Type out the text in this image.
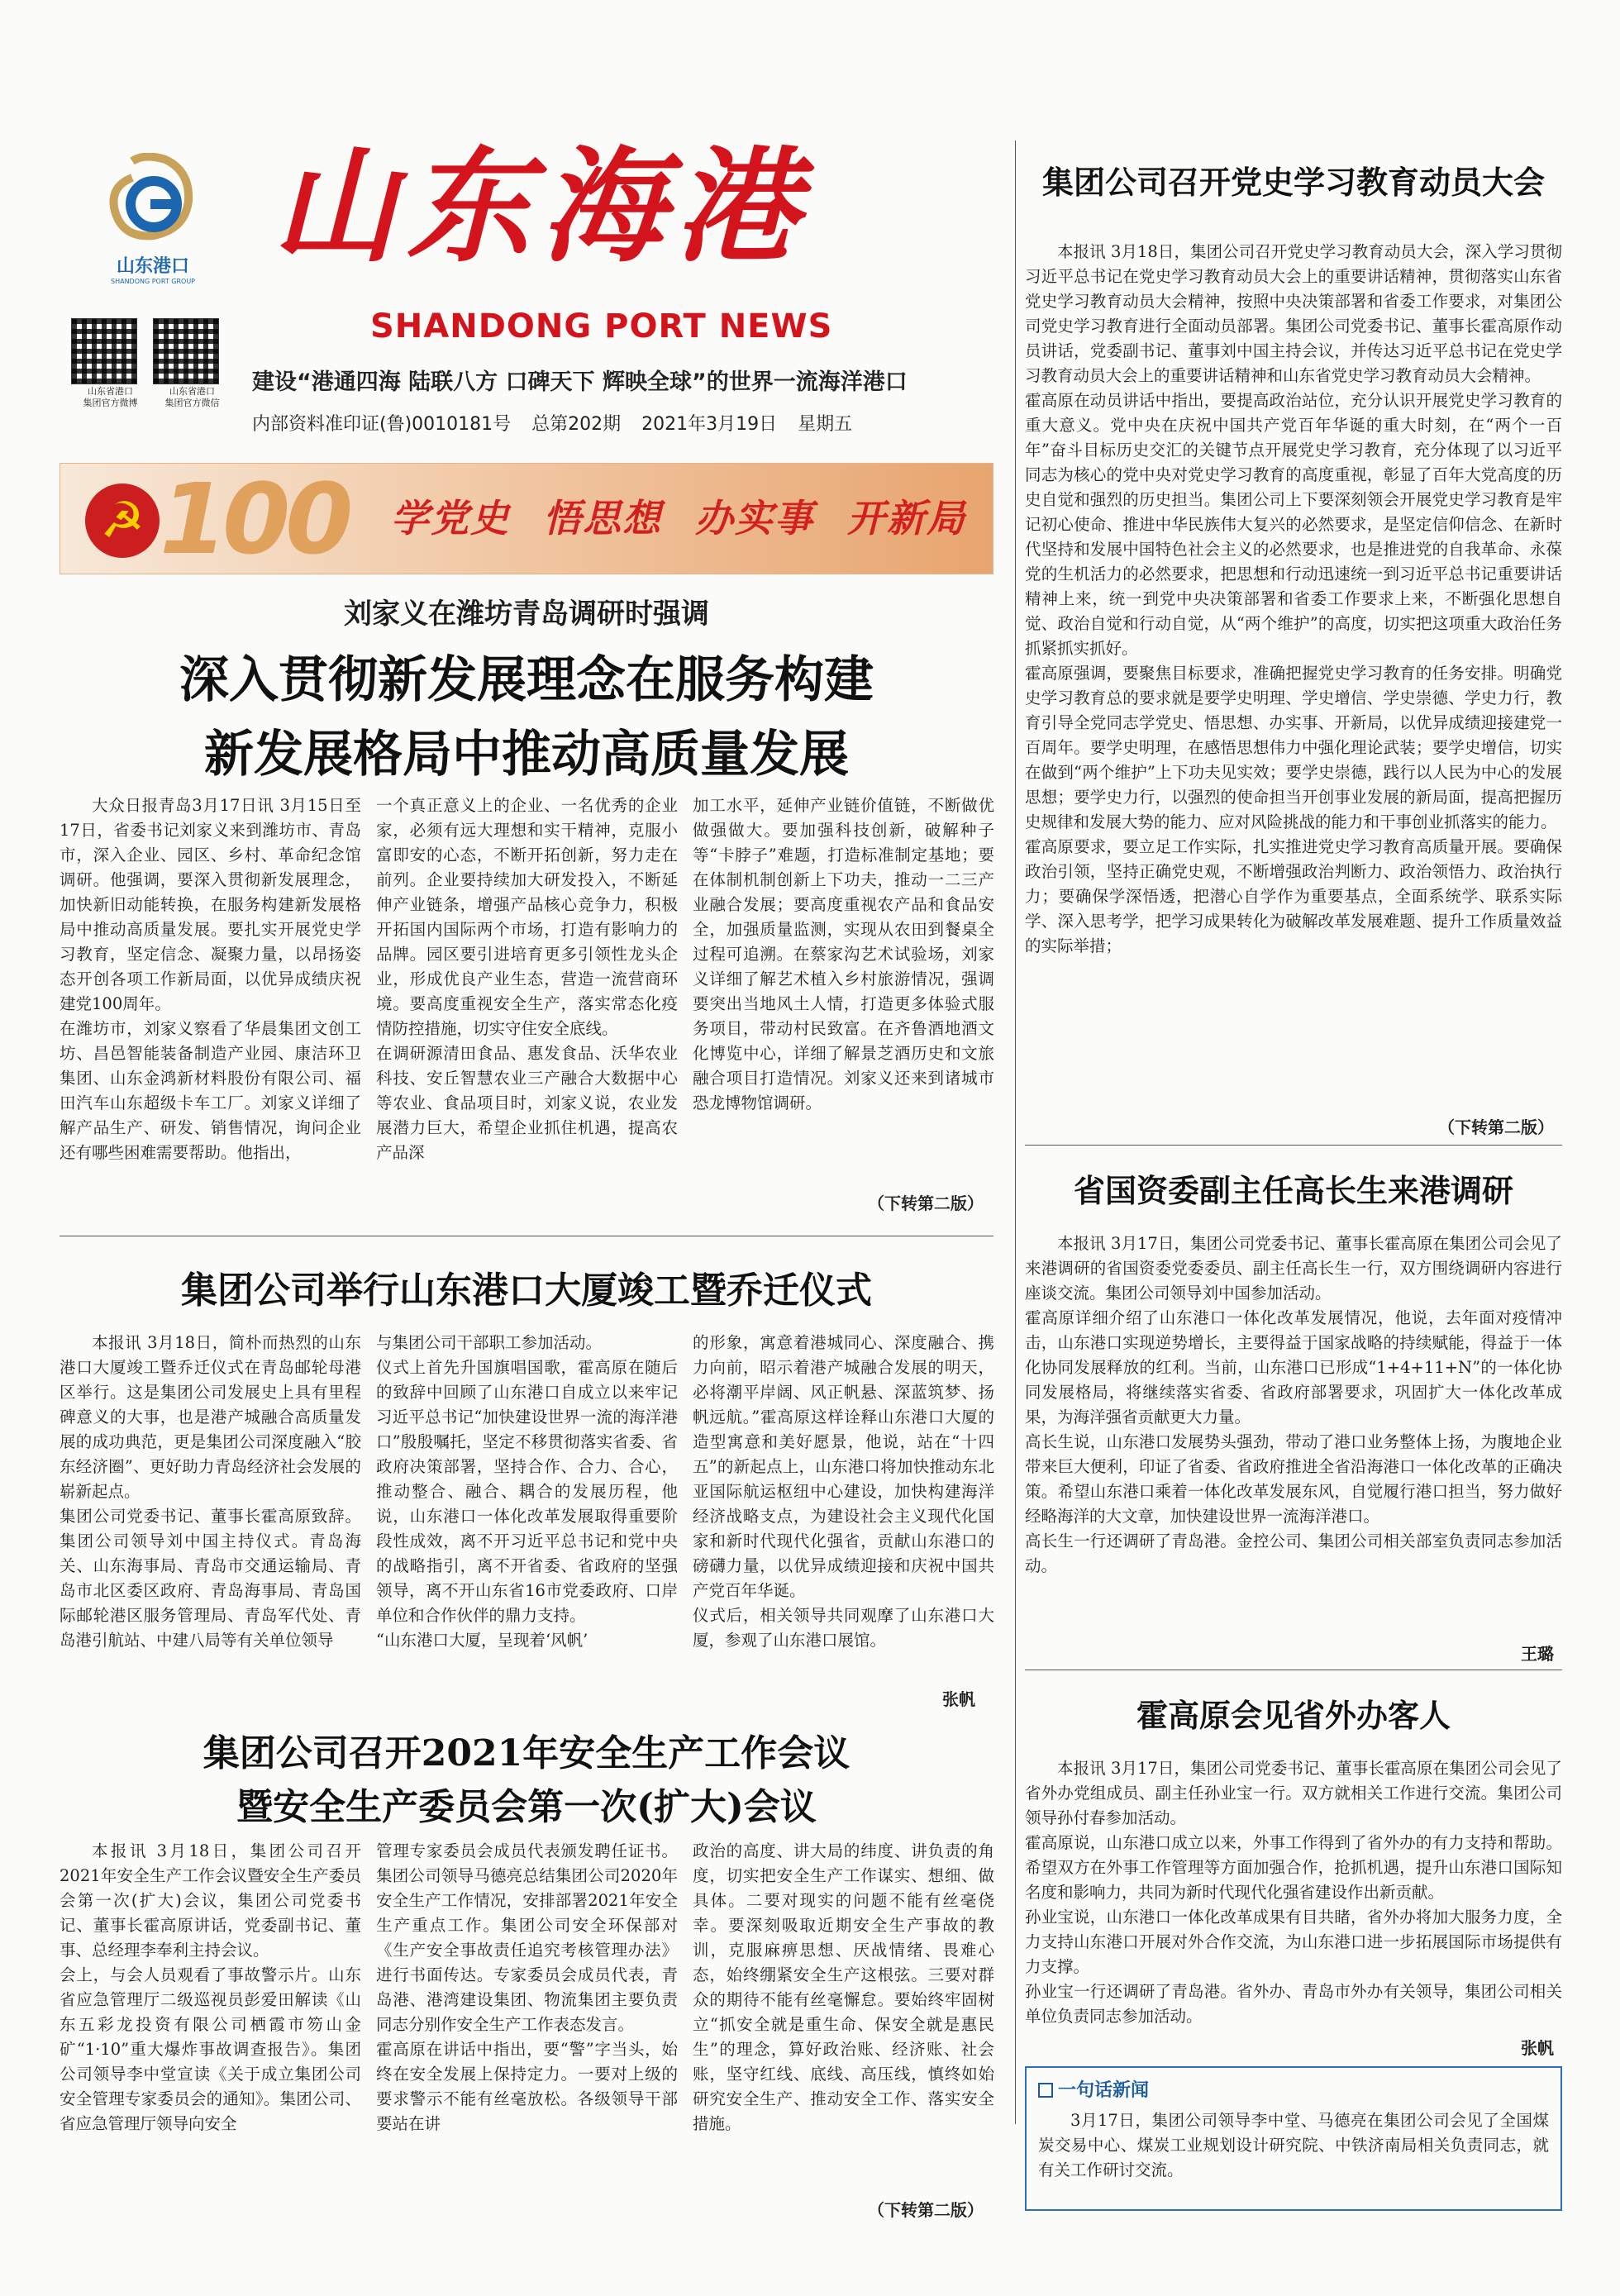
山东港口
SHANDONG PORT GROUP
山东省港口
集团官方微博
山东省港口
集团官方微信
山东海港
SHANDONG PORT NEWS
建设“港通四海 陆联八方 口碑天下 辉映全球”的世界一流海洋港口
内部资料准印证(鲁)0010181号 总第202期 2021年3月19日 星期五
☭ 100 学党史 悟思想 办实事 开新局
刘家义在潍坊青岛调研时强调
深入贯彻新发展理念在服务构建
新发展格局中推动高质量发展
大众日报青岛3月17日讯 3月15日至17日，省委书记刘家义来到潍坊市、青岛市，深入企业、园区、乡村、革命纪念馆调研。他强调，要深入贯彻新发展理念，加快新旧动能转换，在服务构建新发展格局中推动高质量发展。要扎实开展党史学习教育，坚定信念、凝聚力量，以昂扬姿态开创各项工作新局面，以优异成绩庆祝建党100周年。
在潍坊市，刘家义察看了华晨集团文创工坊、昌邑智能装备制造产业园、康洁环卫集团、山东金鸿新材料股份有限公司、福田汽车山东超级卡车工厂。刘家义详细了解产品生产、研发、销售情况，询问企业还有哪些困难需要帮助。他指出，
一个真正意义上的企业、一名优秀的企业家，必须有远大理想和实干精神，克服小富即安的心态，不断开拓创新，努力走在前列。企业要持续加大研发投入，不断延伸产业链条，增强产品核心竞争力，积极开拓国内国际两个市场，打造有影响力的品牌。园区要引进培育更多引领性龙头企业，形成优良产业生态，营造一流营商环境。要高度重视安全生产，落实常态化疫情防控措施，切实守住安全底线。
在调研源清田食品、惠发食品、沃华农业科技、安丘智慧农业三产融合大数据中心等农业、食品项目时，刘家义说，农业发展潜力巨大，希望企业抓住机遇，提高农产品深
加工水平，延伸产业链价值链，不断做优做强做大。要加强科技创新，破解种子等“卡脖子”难题，打造标准制定基地；要在体制机制创新上下功夫，推动一二三产业融合发展；要高度重视农产品和食品安全，加强质量监测，实现从农田到餐桌全过程可追溯。在蔡家沟艺术试验场，刘家义详细了解艺术植入乡村旅游情况，强调要突出当地风土人情，打造更多体验式服务项目，带动村民致富。在齐鲁酒地酒文化博览中心，详细了解景芝酒历史和文旅融合项目打造情况。刘家义还来到诸城市恐龙博物馆调研。
（下转第二版）
集团公司举行山东港口大厦竣工暨乔迁仪式
本报讯 3月18日，简朴而热烈的山东港口大厦竣工暨乔迁仪式在青岛邮轮母港区举行。这是集团公司发展史上具有里程碑意义的大事，也是港产城融合高质量发展的成功典范，更是集团公司深度融入“胶东经济圈”、更好助力青岛经济社会发展的崭新起点。
集团公司党委书记、董事长霍高原致辞。集团公司领导刘中国主持仪式。青岛海关、山东海事局、青岛市交通运输局、青岛市北区委区政府、青岛海事局、青岛国际邮轮港区服务管理局、青岛军代处、青岛港引航站、中建八局等有关单位领导
与集团公司干部职工参加活动。
仪式上首先升国旗唱国歌，霍高原在随后的致辞中回顾了山东港口自成立以来牢记习近平总书记“加快建设世界一流的海洋港口”殷殷嘱托，坚定不移贯彻落实省委、省政府决策部署，坚持合作、合力、合心，推动整合、融合、耦合的发展历程，他说，山东港口一体化改革发展取得重要阶段性成效，离不开习近平总书记和党中央的战略指引，离不开省委、省政府的坚强领导，离不开山东省16市党委政府、口岸单位和合作伙伴的鼎力支持。
“山东港口大厦，呈现着‘风帆’
的形象，寓意着港城同心、深度融合、携力向前，昭示着港产城融合发展的明天，必将潮平岸阔、风正帆悬、深蓝筑梦、扬帆远航。”霍高原这样诠释山东港口大厦的造型寓意和美好愿景，他说，站在“十四五”的新起点上，山东港口将加快推动东北亚国际航运枢纽中心建设，加快构建海洋经济战略支点，为建设社会主义现代化国家和新时代现代化强省，贡献山东港口的磅礴力量，以优异成绩迎接和庆祝中国共产党百年华诞。
仪式后，相关领导共同观摩了山东港口大厦，参观了山东港口展馆。
张帆
集团公司召开2021年安全生产工作会议
暨安全生产委员会第一次(扩大)会议
本报讯 3月18日，集团公司召开2021年安全生产工作会议暨安全生产委员会第一次(扩大)会议，集团公司党委书记、董事长霍高原讲话，党委副书记、董事、总经理李奉利主持会议。
会上，与会人员观看了事故警示片。山东省应急管理厅二级巡视员彭爱田解读《山东五彩龙投资有限公司栖霞市笏山金矿“1·10”重大爆炸事故调查报告》。集团公司领导李中堂宣读《关于成立集团公司安全管理专家委员会的通知》。集团公司、省应急管理厅领导向安全
管理专家委员会成员代表颁发聘任证书。集团公司领导马德亮总结集团公司2020年安全生产工作情况，安排部署2021年安全生产重点工作。集团公司安全环保部对《生产安全事故责任追究考核管理办法》进行书面传达。专家委员会成员代表，青岛港、港湾建设集团、物流集团主要负责同志分别作安全生产工作表态发言。
霍高原在讲话中指出，要“警”字当头，始终在安全发展上保持定力。一要对上级的要求警示不能有丝毫放松。各级领导干部要站在讲
政治的高度、讲大局的纬度、讲负责的角度，切实把安全生产工作谋实、想细、做具体。二要对现实的问题不能有丝毫侥幸。要深刻吸取近期安全生产事故的教训，克服麻痹思想、厌战情绪、畏难心态，始终绷紧安全生产这根弦。三要对群众的期待不能有丝毫懈怠。要始终牢固树立“抓安全就是重生命、保安全就是惠民生”的理念，算好政治账、经济账、社会账，坚守红线、底线、高压线，慎终如始研究安全生产、推动安全工作、落实安全措施。
（下转第二版）
集团公司召开党史学习教育动员大会
本报讯 3月18日，集团公司召开党史学习教育动员大会，深入学习贯彻习近平总书记在党史学习教育动员大会上的重要讲话精神，贯彻落实山东省党史学习教育动员大会精神，按照中央决策部署和省委工作要求，对集团公司党史学习教育进行全面动员部署。集团公司党委书记、董事长霍高原作动员讲话，党委副书记、董事刘中国主持会议，并传达习近平总书记在党史学习教育动员大会上的重要讲话精神和山东省党史学习教育动员大会精神。
霍高原在动员讲话中指出，要提高政治站位，充分认识开展党史学习教育的重大意义。党中央在庆祝中国共产党百年华诞的重大时刻，在“两个一百年”奋斗目标历史交汇的关键节点开展党史学习教育，充分体现了以习近平同志为核心的党中央对党史学习教育的高度重视，彰显了百年大党高度的历史自觉和强烈的历史担当。集团公司上下要深刻领会开展党史学习教育是牢记初心使命、推进中华民族伟大复兴的必然要求，是坚定信仰信念、在新时代坚持和发展中国特色社会主义的必然要求，也是推进党的自我革命、永葆党的生机活力的必然要求，把思想和行动迅速统一到习近平总书记重要讲话精神上来，统一到党中央决策部署和省委工作要求上来，不断强化思想自觉、政治自觉和行动自觉，从“两个维护”的高度，切实把这项重大政治任务抓紧抓实抓好。
霍高原强调，要聚焦目标要求，准确把握党史学习教育的任务安排。明确党史学习教育总的要求就是要学史明理、学史增信、学史崇德、学史力行，教育引导全党同志学党史、悟思想、办实事、开新局，以优异成绩迎接建党一百周年。要学史明理，在感悟思想伟力中强化理论武装；要学史增信，切实在做到“两个维护”上下功夫见实效；要学史崇德，践行以人民为中心的发展思想；要学史力行，以强烈的使命担当开创事业发展的新局面，提高把握历史规律和发展大势的能力、应对风险挑战的能力和干事创业抓落实的能力。
霍高原要求，要立足工作实际，扎实推进党史学习教育高质量开展。要确保政治引领，坚持正确党史观，不断增强政治判断力、政治领悟力、政治执行力；要确保学深悟透，把潜心自学作为重要基点，全面系统学、联系实际学、深入思考学，把学习成果转化为破解改革发展难题、提升工作质量效益的实际举措；
（下转第二版）
省国资委副主任高长生来港调研
本报讯 3月17日，集团公司党委书记、董事长霍高原在集团公司会见了来港调研的省国资委党委委员、副主任高长生一行，双方围绕调研内容进行座谈交流。集团公司领导刘中国参加活动。
霍高原详细介绍了山东港口一体化改革发展情况，他说，去年面对疫情冲击，山东港口实现逆势增长，主要得益于国家战略的持续赋能，得益于一体化协同发展释放的红利。当前，山东港口已形成“1+4+11+N”的一体化协同发展格局，将继续落实省委、省政府部署要求，巩固扩大一体化改革成果，为海洋强省贡献更大力量。
高长生说，山东港口发展势头强劲，带动了港口业务整体上扬，为腹地企业带来巨大便利，印证了省委、省政府推进全省沿海港口一体化改革的正确决策。希望山东港口乘着一体化改革发展东风，自觉履行港口担当，努力做好经略海洋的大文章，加快建设世界一流海洋港口。
高长生一行还调研了青岛港。金控公司、集团公司相关部室负责同志参加活动。
王璐
霍高原会见省外办客人
本报讯 3月17日，集团公司党委书记、董事长霍高原在集团公司会见了省外办党组成员、副主任孙业宝一行。双方就相关工作进行交流。集团公司领导孙付春参加活动。
霍高原说，山东港口成立以来，外事工作得到了省外办的有力支持和帮助。希望双方在外事工作管理等方面加强合作，抢抓机遇，提升山东港口国际知名度和影响力，共同为新时代现代化强省建设作出新贡献。
孙业宝说，山东港口一体化改革成果有目共睹，省外办将加大服务力度，全力支持山东港口开展对外合作交流，为山东港口进一步拓展国际市场提供有力支撑。
孙业宝一行还调研了青岛港。省外办、青岛市外办有关领导，集团公司相关单位负责同志参加活动。
张帆
一句话新闻
3月17日，集团公司领导李中堂、马德亮在集团公司会见了全国煤炭交易中心、煤炭工业规划设计研究院、中铁济南局相关负责同志，就有关工作研讨交流。
